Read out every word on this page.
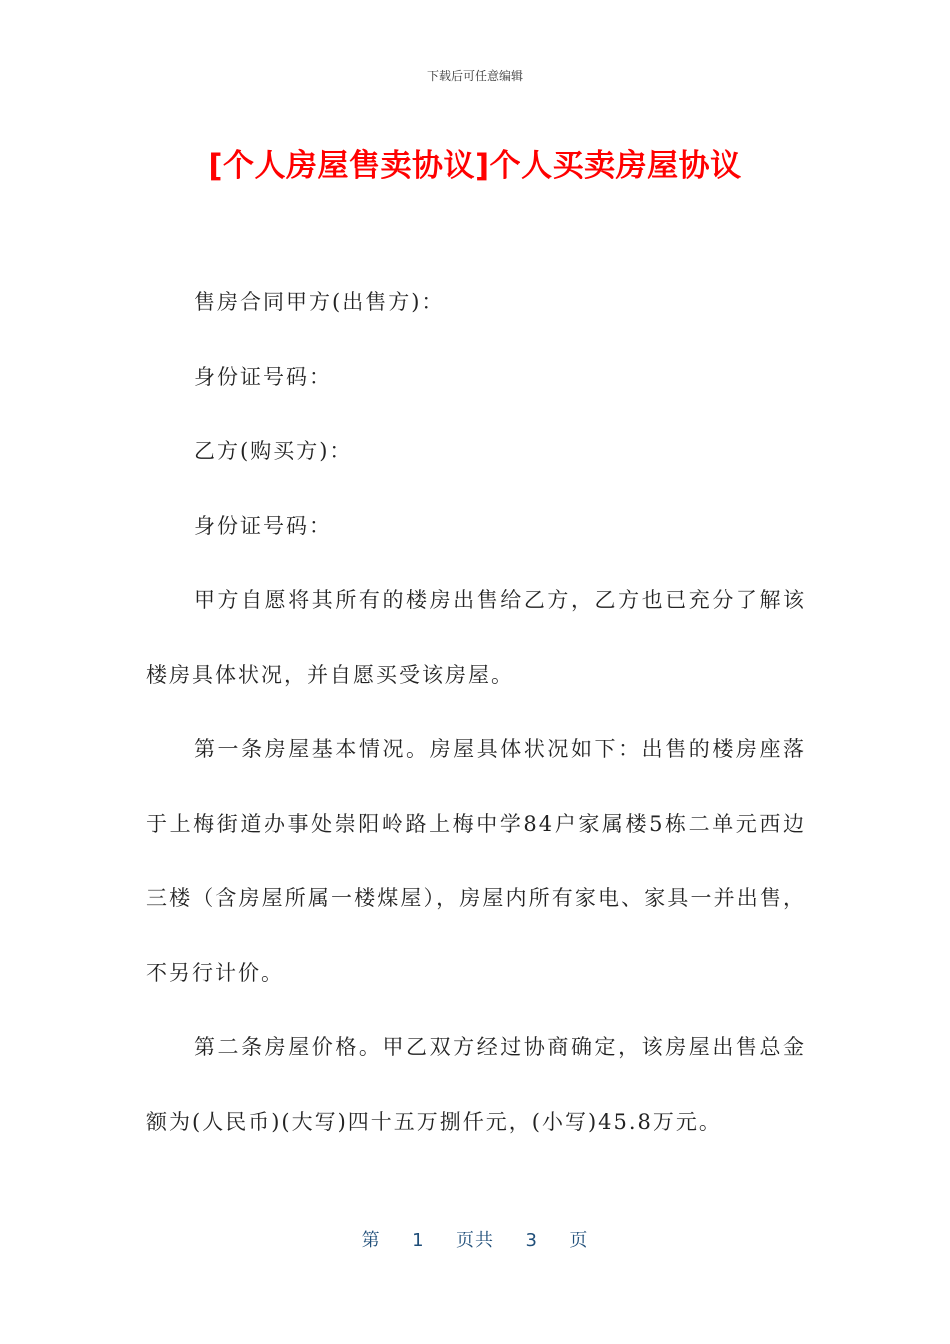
下载后可任意编辑
[个人房屋售卖协议]个人买卖房屋协议

售房合同甲方(出售方)：

身份证号码：

乙方(购买方)：

身份证号码：

甲方自愿将其所有的楼房出售给乙方，乙方也已充分了解该楼房具体状况，并自愿买受该房屋。

第一条房屋基本情况。房屋具体状况如下：出售的楼房座落于上梅街道办事处崇阳岭路上梅中学84户家属楼5栋二单元西边三楼（含房屋所属一楼煤屋），房屋内所有家电、家具一并出售，不另行计价。

第二条房屋价格。甲乙双方经过协商确定，该房屋出售总金额为(人民币)(大写)四十五万捌仟元，(小写)45.8万元。

第 1 页共 3 页
